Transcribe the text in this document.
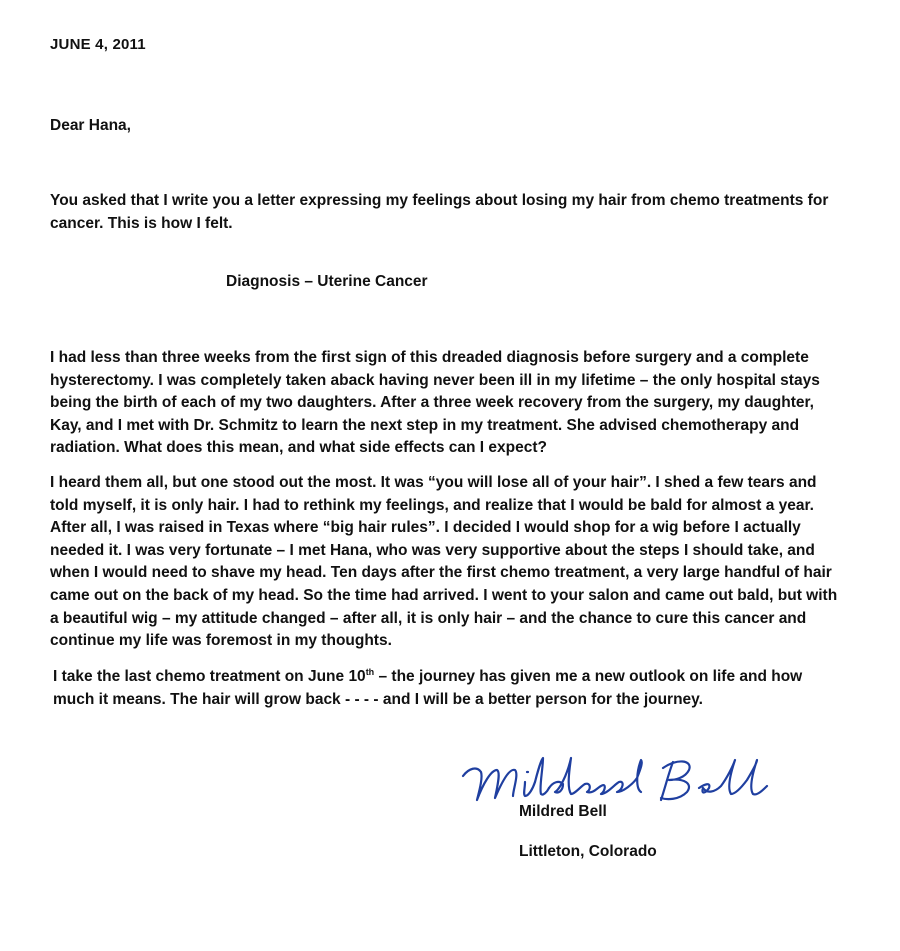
JUNE 4, 2011
Dear Hana,
You asked that I write you a letter expressing my feelings about losing my hair from chemo treatments for cancer. This is how I felt.
Diagnosis – Uterine Cancer
I had less than three weeks from the first sign of this dreaded diagnosis before surgery and a complete hysterectomy. I was completely taken aback having never been ill in my lifetime – the only hospital stays being the birth of each of my two daughters. After a three week recovery from the surgery, my daughter, Kay, and I met with Dr. Schmitz to learn the next step in my treatment. She advised chemotherapy and radiation. What does this mean, and what side effects can I expect?
I heard them all, but one stood out the most. It was “you will lose all of your hair”. I shed a few tears and told myself, it is only hair. I had to rethink my feelings, and realize that I would be bald for almost a year. After all, I was raised in Texas where “big hair rules”. I decided I would shop for a wig before I actually needed it. I was very fortunate – I met Hana, who was very supportive about the steps I should take, and when I would need to shave my head. Ten days after the first chemo treatment, a very large handful of hair came out on the back of my head. So the time had arrived. I went to your salon and came out bald, but with a beautiful wig – my attitude changed – after all, it is only hair – and the chance to cure this cancer and continue my life was foremost in my thoughts.
I take the last chemo treatment on June 10th – the journey has given me a new outlook on life and how much it means. The hair will grow back - - - - and I will be a better person for the journey.
Mildred Bell
Littleton, Colorado
